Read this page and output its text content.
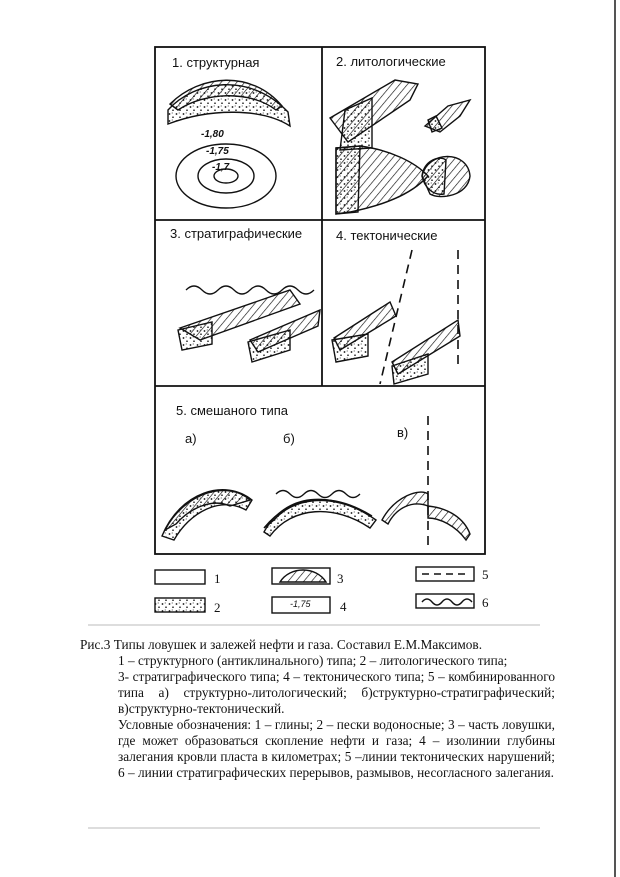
1. структурная	2. литологические
3. стратиграфические	4. тектонические
5. смешаного типа
а)	б)	в)
-1,80
-1,75
-1,7
1
2
3
4
5
6
-1,75

Рис.3 Типы ловушек и залежей нефти и газа. Составил Е.М.Максимов.

1 – структурного (антиклинального) типа; 2 – литологического типа;

3- стратиграфического типа; 4 – тектонического типа; 5 – комбинированного типа а) структурно-литологический; б)структурно-стратиграфический; в)структурно-тектонический.

Условные обозначения: 1 – глины; 2 – пески водоносные; 3 – часть ловушки, где может образоваться скопление нефти и газа; 4 – изолинии глубины залегания кровли пласта в километрах; 5 –линии тектонических нарушений; 6 – линии стратиграфических перерывов, размывов, несогласного залегания.
